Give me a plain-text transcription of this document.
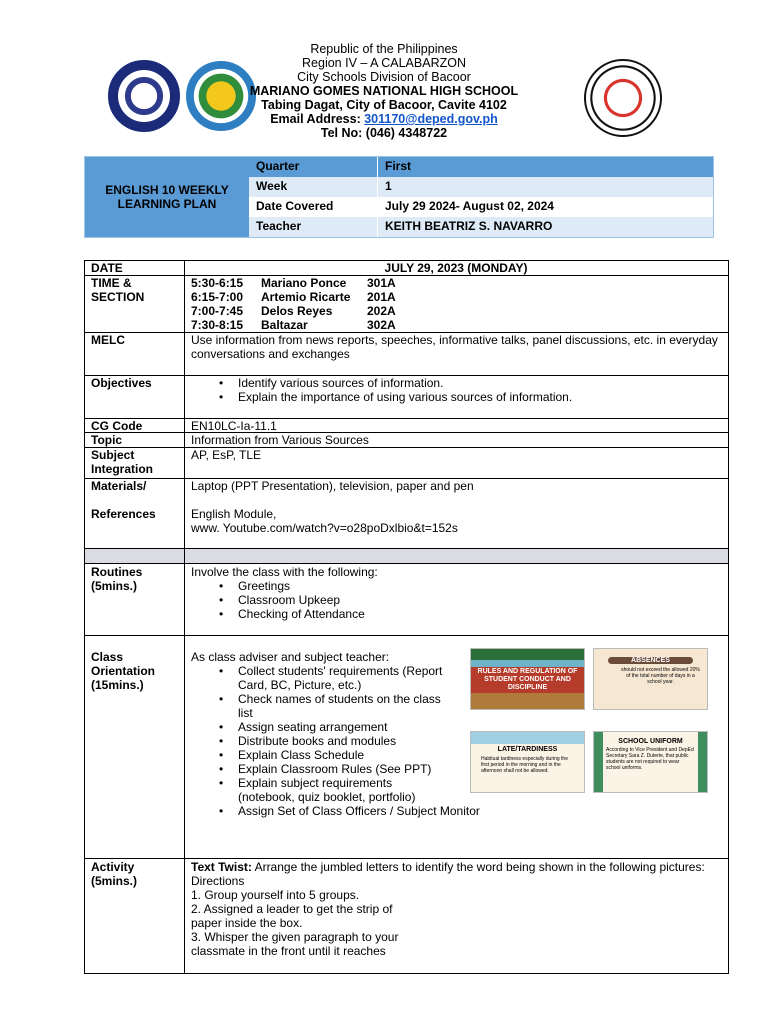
Republic of the Philippines
Region IV – A CALABARZON
City Schools Division of Bacoor
MARIANO GOMES NATIONAL HIGH SCHOOL
Tabing Dagat, City of Bacoor, Cavite 4102
Email Address: 301170@deped.gov.ph
Tel No: (046) 4348722
ENGLISH 10 WEEKLY LEARNING PLAN
Quarter	First
Week	1
Date Covered	July 29 2024- August 02, 2024
Teacher	KEITH BEATRIZ S. NAVARRO
DATE	JULY 29, 2023 (MONDAY)
TIME & SECTION
5:30-6:15 Mariano Ponce 301A
6:15-7:00 Artemio Ricarte 201A
7:00-7:45 Delos Reyes	202A
7:30-8:15 Baltazar	302A
MELC	Use information from news reports, speeches, informative talks, panel discussions, etc. in everyday conversations and exchanges
Objectives
•	Identify various sources of information.
• Explain the importance of using various sources of information.
CG Code	EN10LC-Ia-11.1
Topic	Information from Various Sources
Subject Integration
AP, EsP, TLE
Materials/
References
Laptop (PPT Presentation), television, paper and pen
English Module,
www. Youtube.com/watch?v=o28poDxlbio&t=152s
Routines (5mins.)
Involve the class with the following:
• Greetings
• Classroom Upkeep
• Checking of Attendance
Class Orientation (15mins.)
As class adviser and subject teacher:
• Collect students' requirements (Report Card, BC, Picture, etc.)
• Check names of students on the class list
• Assign seating arrangement
• Distribute books and modules
• Explain Class Schedule
• Explain Classroom Rules (See PPT)
• Explain subject requirements (notebook, quiz booklet, portfolio)
• Assign Set of Class Officers / Subject Monitor
RULES AND REGULATION OF STUDENT CONDUCT AND DISCIPLINE
ABSENCES
should not exceed the allowed 20% of the total number of days in a school year.
LATE/TARDINESS
Habitual tardiness especially during the first period in the morning and in the afternoon shall not be allowed.
SCHOOL UNIFORM
According to Vice President and DepEd Secretary Sara Z. Duterte, that public students are not required to wear school uniforms.
Activity (5mins.)
Text Twist: Arrange the jumbled letters to identify the word being shown in the following pictures:
Directions
1. Group yourself into 5 groups.
2. Assigned a leader to get the strip of
paper inside the box.
3. Whisper the given paragraph to your
classmate in the front until it reaches
